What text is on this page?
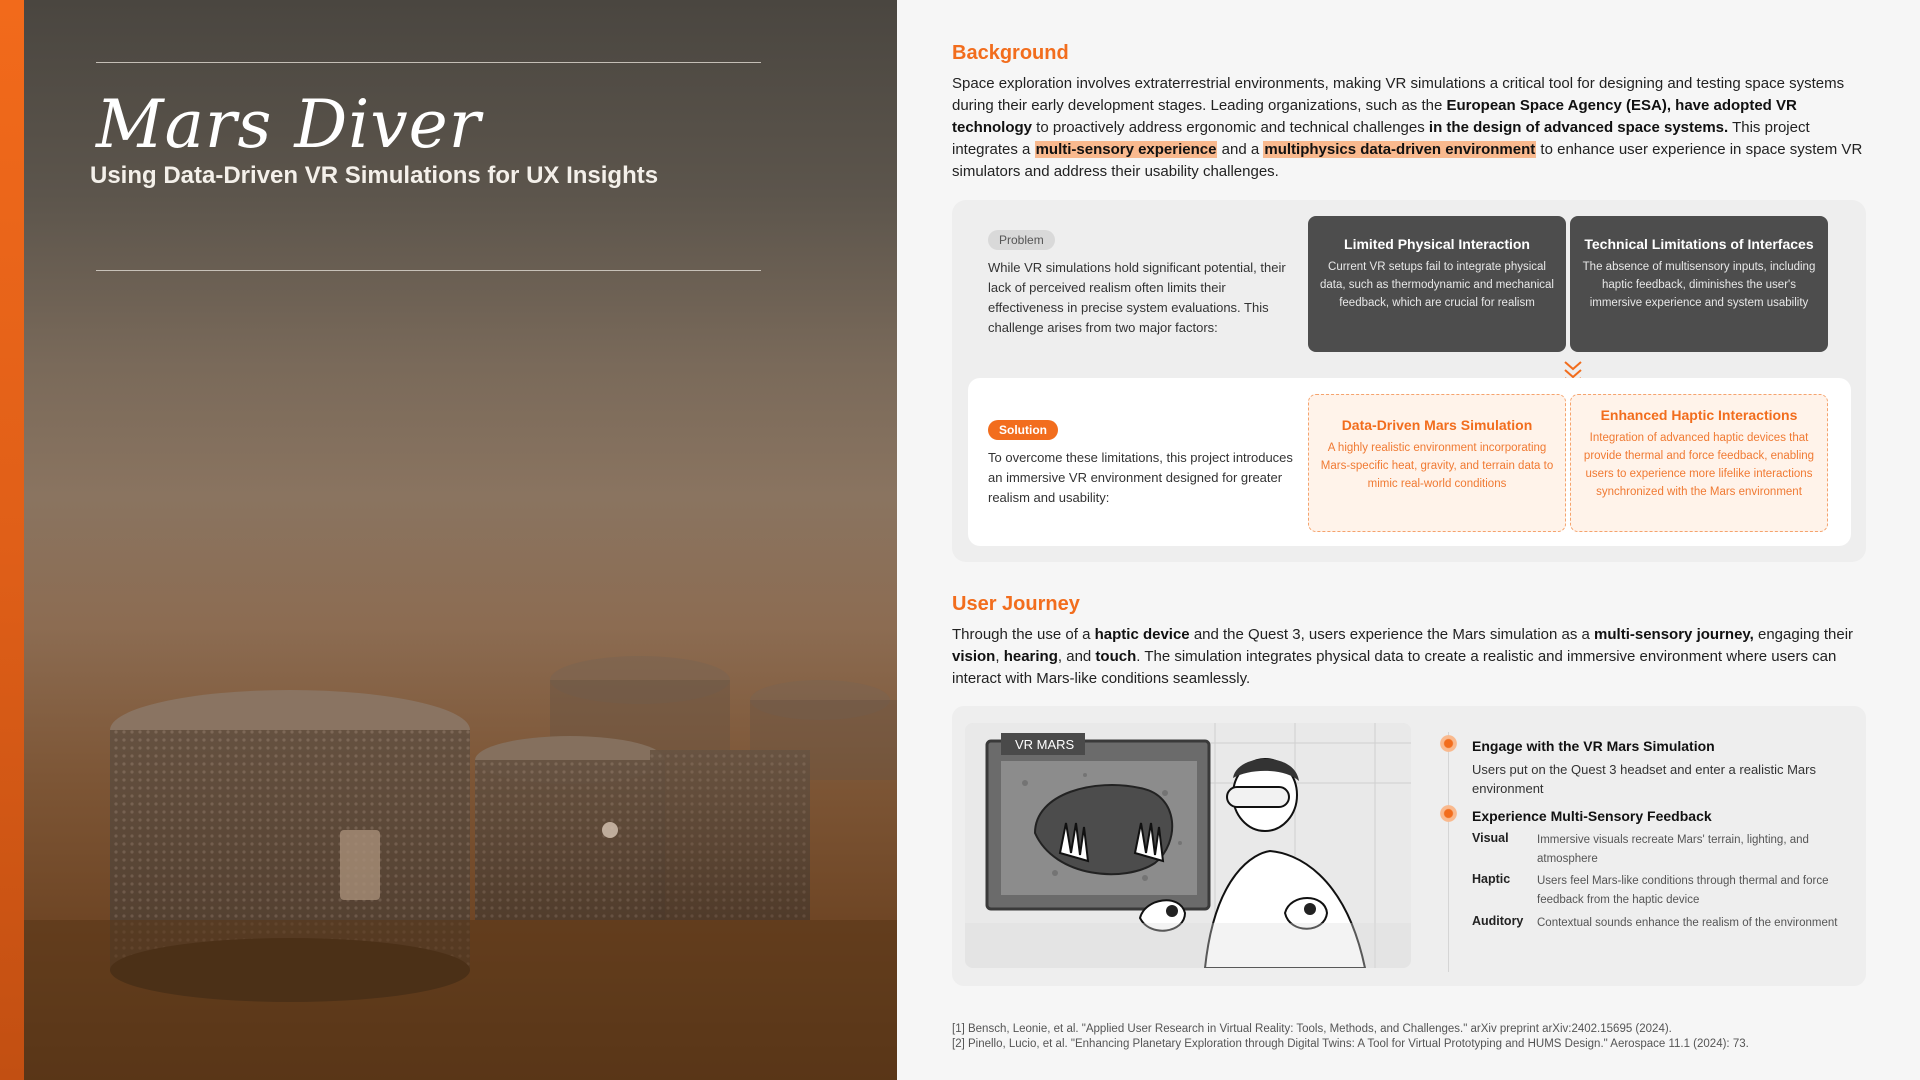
Mars Diver
Using Data-Driven VR Simulations for UX Insights
Background

Space exploration involves extraterrestrial environments, making VR simulations a critical tool for designing and testing space systems during their early development stages. Leading organizations, such as the European Space Agency (ESA), have adopted VR technology to proactively address ergonomic and technical challenges in the design of advanced space systems. This project integrates a multi-sensory experience and a multiphysics data-driven environment to enhance user experience in space system VR simulators and address their usability challenges.

Problem

While VR simulations hold significant potential, their lack of perceived realism often limits their effectiveness in precise system evaluations. This challenge arises from two major factors:

Limited Physical Interaction

Current VR setups fail to integrate physical data, such as thermodynamic and mechanical feedback, which are crucial for realism

Technical Limitations of Interfaces

The absence of multisensory inputs, including haptic feedback, diminishes the user's immersive experience and system usability

Solution

To overcome these limitations, this project introduces an immersive VR environment designed for greater realism and usability:

Data-Driven Mars Simulation

A highly realistic environment incorporating Mars-specific heat, gravity, and terrain data to mimic real-world conditions

Enhanced Haptic Interactions

Integration of advanced haptic devices that provide thermal and force feedback, enabling users to experience more lifelike interactions synchronized with the Mars environment

User Journey

Through the use of a haptic device and the Quest 3, users experience the Mars simulation as a multi-sensory journey, engaging their vision, hearing, and touch. The simulation integrates physical data to create a realistic and immersive environment where users can interact with Mars-like conditions seamlessly.

VR MARS	Engage with the VR Mars Simulation

Users put on the Quest 3 headset and enter a realistic Mars environment

Experience Multi-Sensory Feedback

Visual Immersive visuals recreate Mars' terrain, lighting, and atmosphere

Haptic Users feel Mars-like conditions through thermal and force feedback from the haptic device

Auditory Contextual sounds enhance the realism of the environment

[1] Bensch, Leonie, et al. "Applied User Research in Virtual Reality: Tools, Methods, and Challenges." arXiv preprint arXiv:2402.15695 (2024).
[2] Pinello, Lucio, et al. "Enhancing Planetary Exploration through Digital Twins: A Tool for Virtual Prototyping and HUMS Design." Aerospace 11.1 (2024): 73.
